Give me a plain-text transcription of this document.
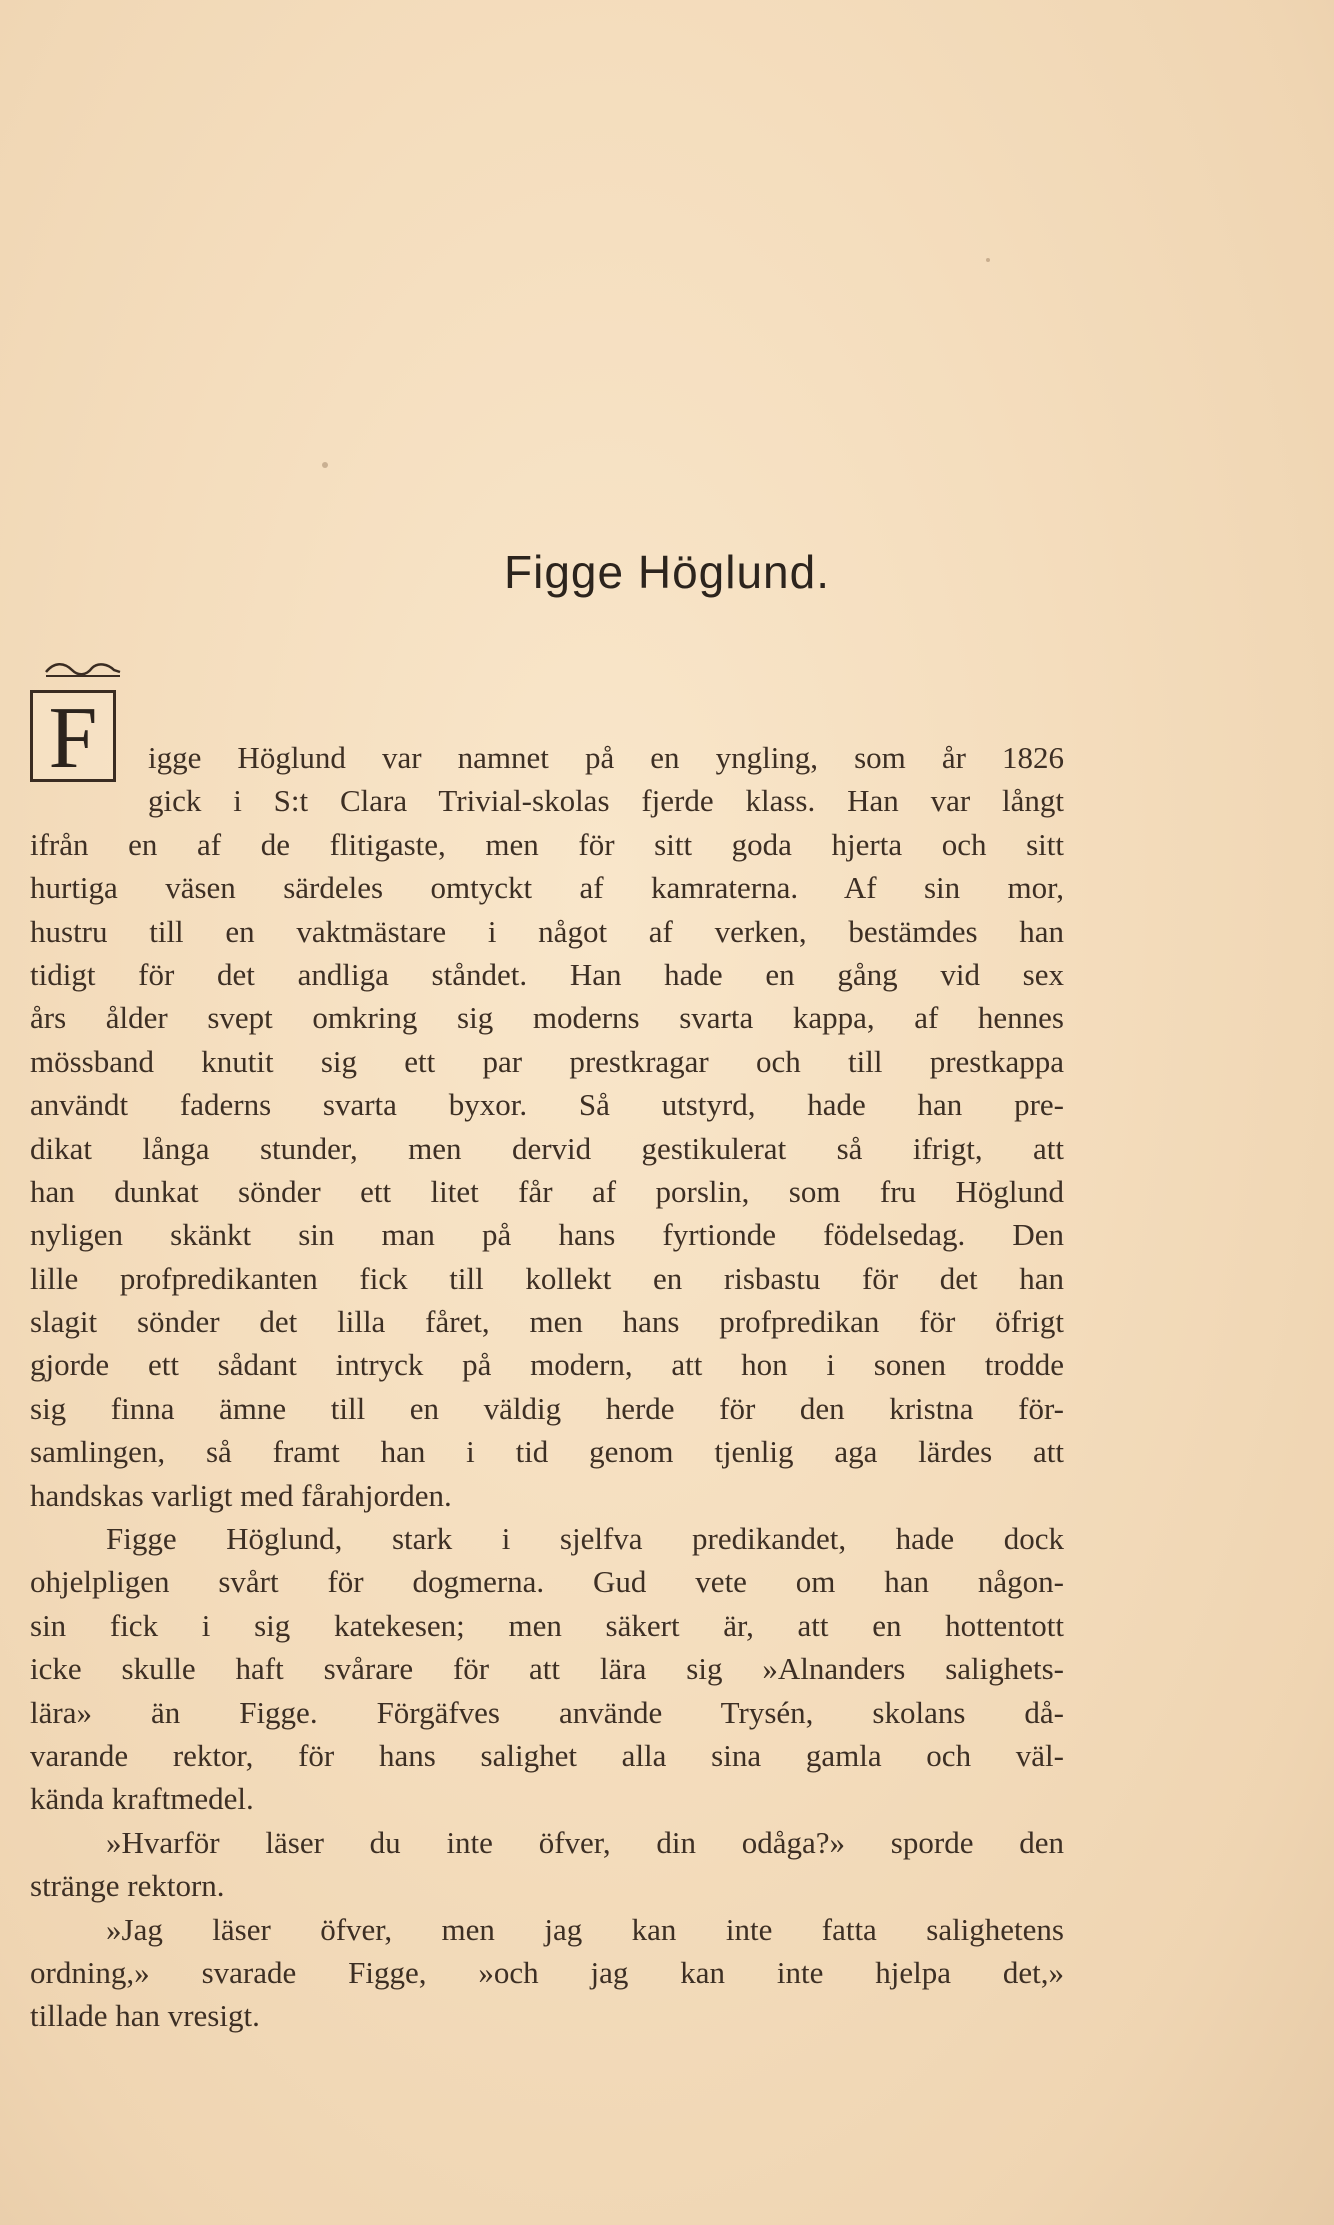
Figge Höglund.
F	igge Höglund var namnet på en yngling, som år 1826
gick i S:t Clara Trivial-skolas fjerde klass. Han var långt
ifrån en af de flitigaste, men för sitt goda hjerta och sitt
hurtiga väsen särdeles omtyckt af kamraterna. Af sin mor,
hustru till en vaktmästare i något af verken, bestämdes han
tidigt för det andliga ståndet. Han hade en gång vid sex
års ålder svept omkring sig moderns svarta kappa, af hennes
mössband knutit sig ett par prestkragar och till prestkappa
användt faderns svarta byxor. Så utstyrd, hade han pre-
dikat långa stunder, men dervid gestikulerat så ifrigt, att
han dunkat sönder ett litet får af porslin, som fru Höglund
nyligen skänkt sin man på hans fyrtionde födelsedag. Den
lille profpredikanten fick till kollekt en risbastu för det han
slagit sönder det lilla fåret, men hans profpredikan för öfrigt
gjorde ett sådant intryck på modern, att hon i sonen trodde
sig finna ämne till en väldig herde för den kristna för-
samlingen, så framt han i tid genom tjenlig aga lärdes att
handskas varligt med fårahjorden.
Figge Höglund, stark i sjelfva predikandet, hade dock
ohjelpligen svårt för dogmerna. Gud vete om han någon-
sin fick i sig katekesen; men säkert är, att en hottentott
icke skulle haft svårare för att lära sig »Alnanders salighets-
lära» än Figge. Förgäfves använde Trysén, skolans då-
varande rektor, för hans salighet alla sina gamla och väl-
kända kraftmedel.
»Hvarför läser du inte öfver, din odåga?» sporde den
stränge rektorn.
»Jag läser öfver, men jag kan inte fatta salighetens
ordning,» svarade Figge, »och jag kan inte hjelpa det,»
tillade han vresigt.
